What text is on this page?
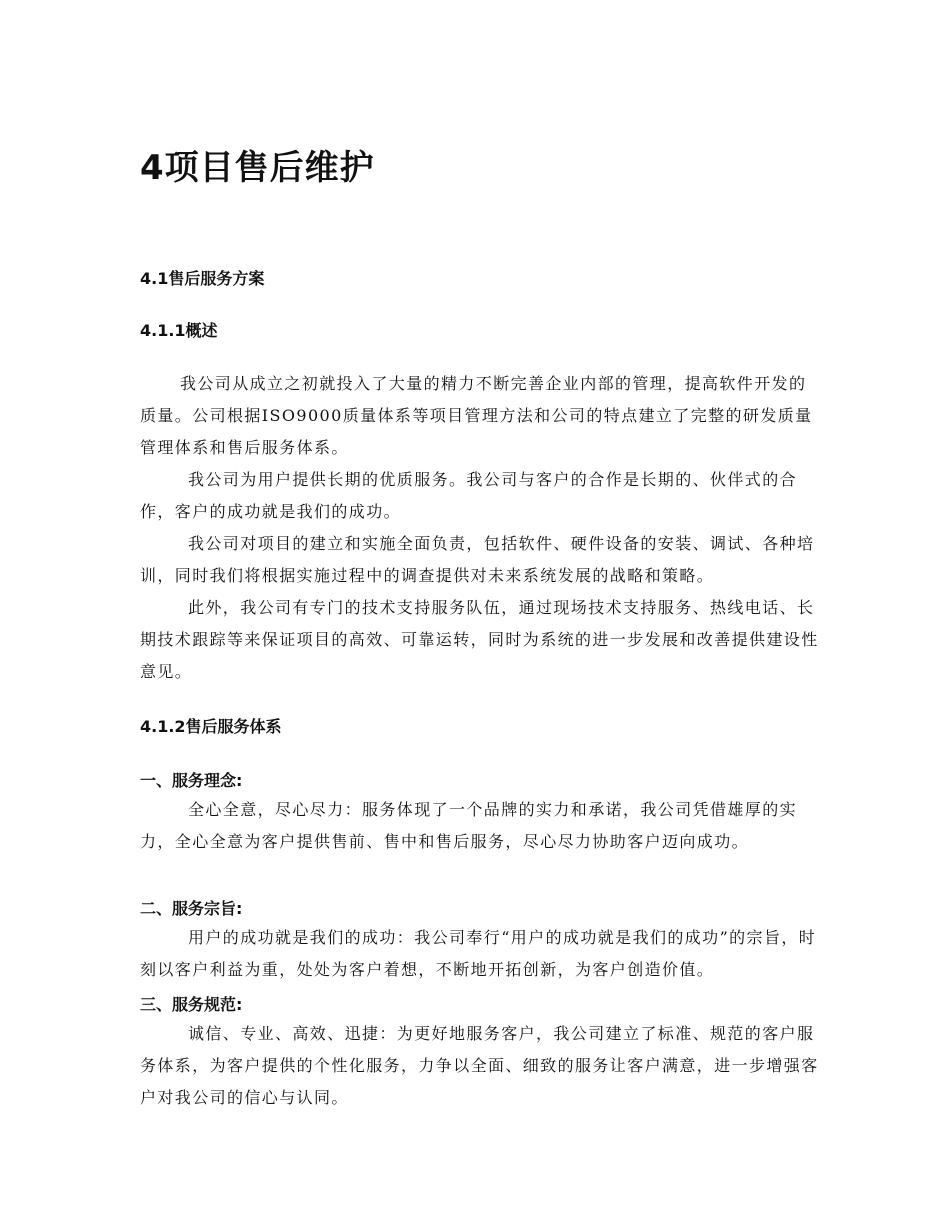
4项目售后维护
4.1售后服务方案
4.1.1概述

我公司从成立之初就投入了大量的精力不断完善企业内部的管理，提高软件开发的质量。公司根据ISO9000质量体系等项目管理方法和公司的特点建立了完整的研发质量管理体系和售后服务体系。

我公司为用户提供长期的优质服务。我公司与客户的合作是长期的、伙伴式的合作，客户的成功就是我们的成功。

我公司对项目的建立和实施全面负责，包括软件、硬件设备的安装、调试、各种培训，同时我们将根据实施过程中的调查提供对未来系统发展的战略和策略。

此外，我公司有专门的技术支持服务队伍，通过现场技术支持服务、热线电话、长期技术跟踪等来保证项目的高效、可靠运转，同时为系统的进一步发展和改善提供建设性意见。

4.1.2售后服务体系

一、服务理念:

全心全意，尽心尽力：服务体现了一个品牌的实力和承诺，我公司凭借雄厚的实 力，全心全意为客户提供售前、售中和售后服务，尽心尽力协助客户迈向成功。

二、服务宗旨:

用户的成功就是我们的成功：我公司奉行“用户的成功就是我们的成功”的宗旨，时刻以客户利益为重，处处为客户着想，不断地开拓创新，为客户创造价值。

三、服务规范:

诚信、专业、高效、迅捷：为更好地服务客户，我公司建立了标准、规范的客户服务体系，为客户提供的个性化服务，力争以全面、细致的服务让客户满意，进一步增强客户对我公司的信心与认同。
